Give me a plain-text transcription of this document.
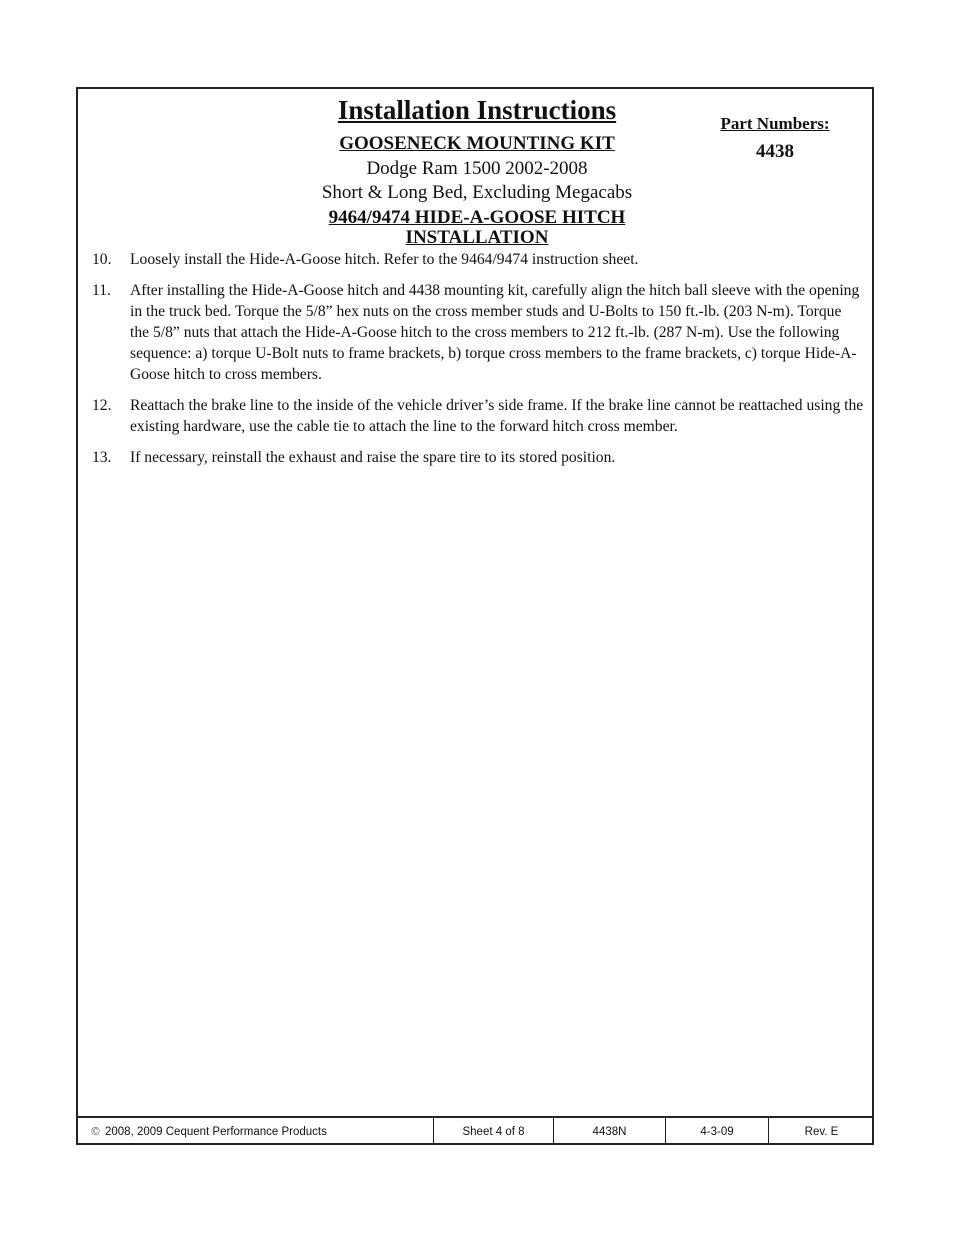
Installation Instructions
GOOSENECK MOUNTING KIT
Dodge Ram 1500 2002-2008
Short & Long Bed, Excluding Megacabs
9464/9474 HIDE-A-GOOSE HITCH
INSTALLATION
Part Numbers:
4438
10.	Loosely install the Hide-A-Goose hitch. Refer to the 9464/9474 instruction sheet.
11.	After installing the Hide-A-Goose hitch and 4438 mounting kit, carefully align the hitch ball sleeve with the opening in the truck bed. Torque the 5/8” hex nuts on the cross member studs and U-Bolts to 150 ft.-lb. (203 N-m). Torque the 5/8” nuts that attach the Hide-A-Goose hitch to the cross members to 212 ft.-lb. (287 N-m). Use the following sequence: a) torque U-Bolt nuts to frame brackets, b) torque cross members to the frame brackets, c) torque Hide-A-Goose hitch to cross members.
12.	Reattach the brake line to the inside of the vehicle driver’s side frame. If the brake line cannot be reattached using the existing hardware, use the cable tie to attach the line to the forward hitch cross member.
13.	If necessary, reinstall the exhaust and raise the spare tire to its stored position.
© 2008, 2009 Cequent Performance Products	Sheet 4 of 8	4438N	4-3-09	Rev. E
